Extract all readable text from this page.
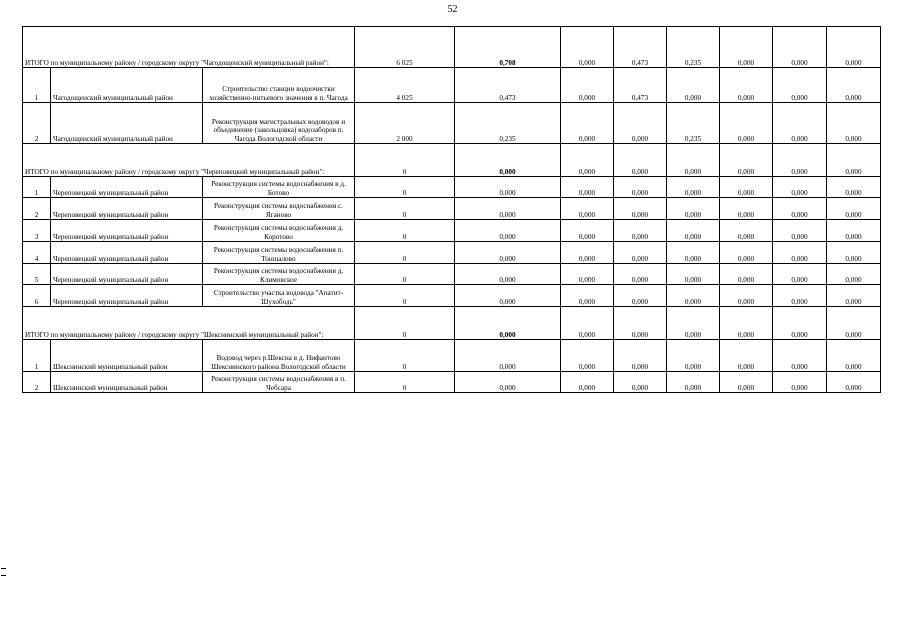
52
ИТОГО по муниципальному району / городскому округу "Чагодощенский муниципальный район":			6 025	0,708	0,000	0,473	0,235	0,000	0,000	0,000
1	Чагодощенский муниципальный район	Строительство станции водоочистки хозяйственно-питьевого значения в п. Чагода	4 025	0,473	0,000	0,473	0,000	0,000	0,000	0,000
2	Чагодощенский муниципальный район	Реконструкция магистральных водоводов и объединение (закольцовка) водозаборов п. Чагода Вологодской области	2 000	0,235	0,000	0,000	0,235	0,000	0,000	0,000
ИТОГО по муниципальному району / городскому округу "Череповецкий муниципальный район":			0	0,000	0,000	0,000	0,000	0,000	0,000	0,000
1	Череповецкий муниципальный район	Реконструкция системы водоснабжения в д. Ботово	0	0,000	0,000	0,000	0,000	0,000	0,000	0,000
2	Череповецкий муниципальный район	Реконструкция системы водоснабжения с. Яганово	0	0,000	0,000	0,000	0,000	0,000	0,000	0,000
3	Череповецкий муниципальный район	Реконструкция системы водоснабжения д. Коротово	0	0,000	0,000	0,000	0,000	0,000	0,000	0,000
4	Череповецкий муниципальный район	Реконструкция системы водоснабжения п. Тоншалово	0	0,000	0,000	0,000	0,000	0,000	0,000	0,000
5	Череповецкий муниципальный район	Реконструкция системы водоснабжения д. Климовское	0	0,000	0,000	0,000	0,000	0,000	0,000	0,000
6	Череповецкий муниципальный район	Строительство участка водовода "Апатит-Шухободь"	0	0,000	0,000	0,000	0,000	0,000	0,000	0,000
ИТОГО по муниципальному району / городскому округу "Шекснинский муниципальный район":			0	0,000	0,000	0,000	0,000	0,000	0,000	0,000
1	Шекснинский муниципальный район	Водовод через р.Шексна в д. Нифантово Шекснинского района Вологодской области	0	0,000	0,000	0,000	0,000	0,000	0,000	0,000
2	Шекснинский муниципальный район	Реконструкция системы водоснабжения в п. Чебсара	0	0,000	0,000	0,000	0,000	0,000	0,000	0,000
